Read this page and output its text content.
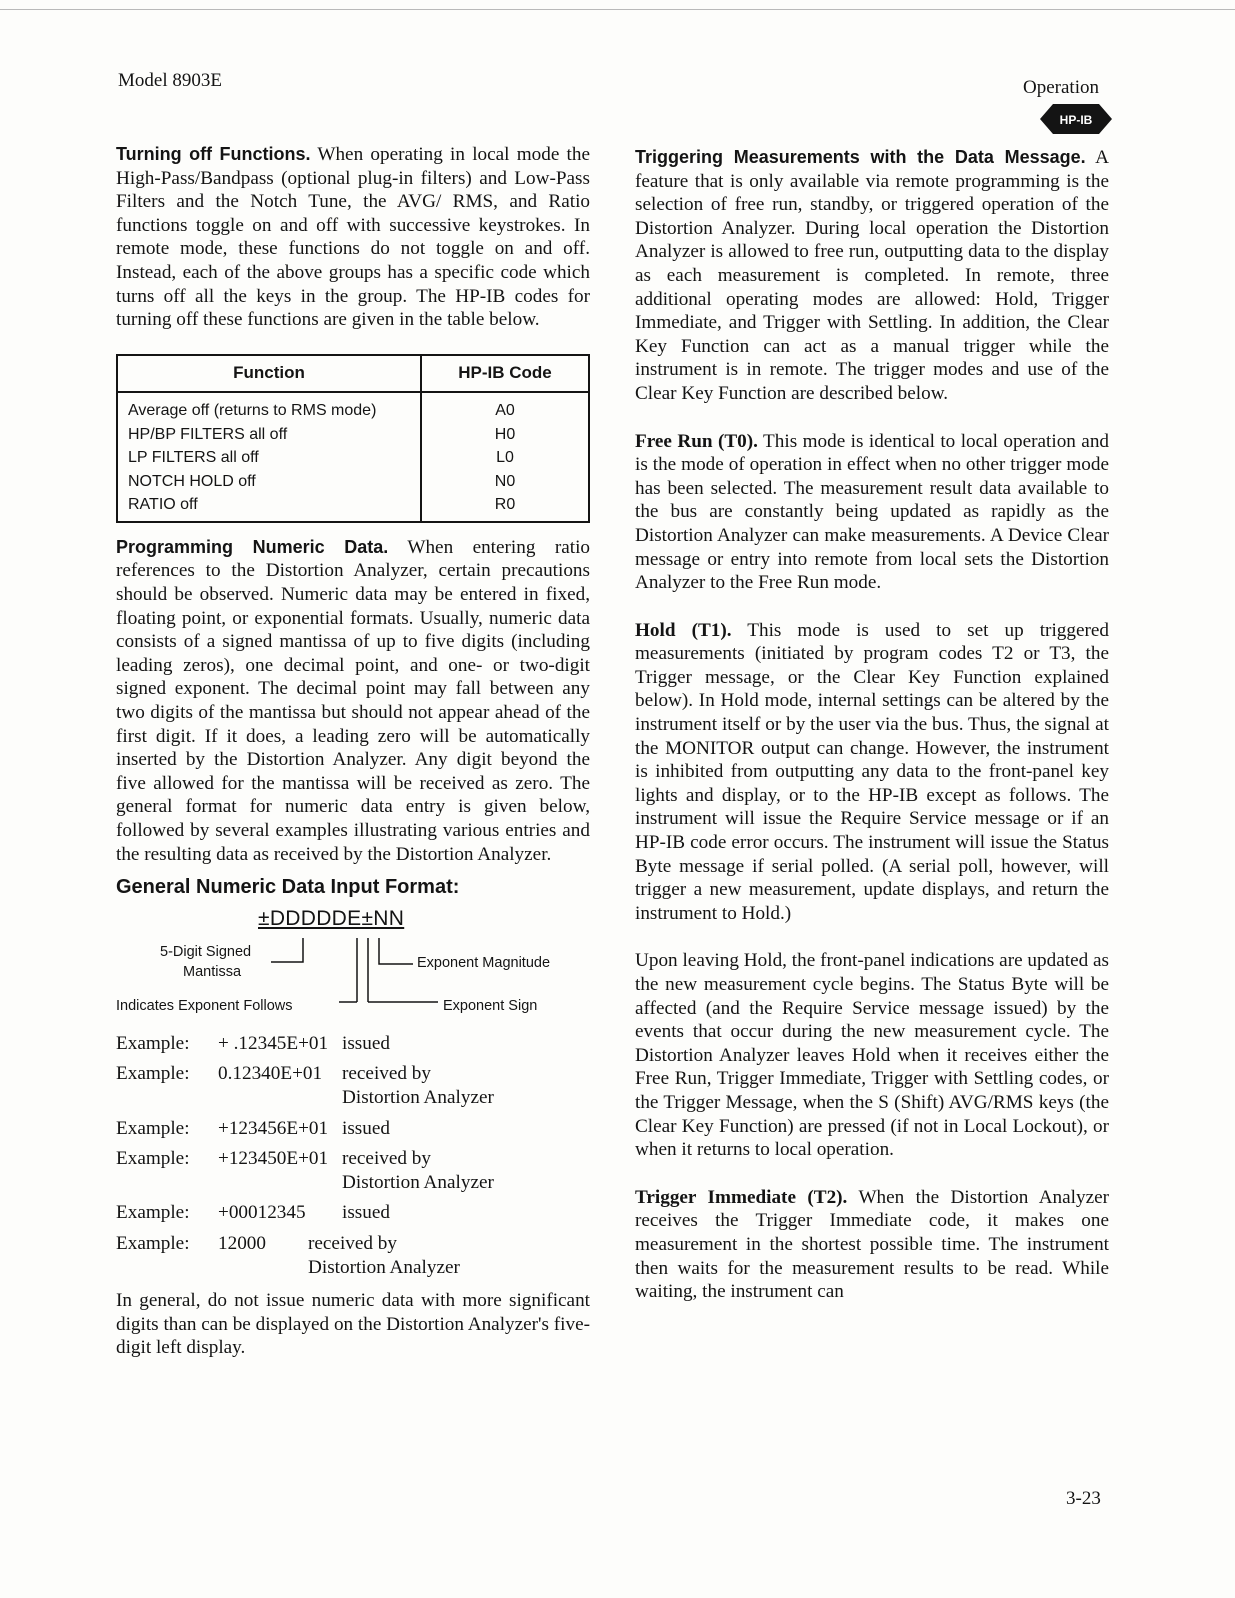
Model 8903E	Operation
HP-IB

Turning off Functions. When operating in local mode the High-Pass/Bandpass (optional plug-in filters) and Low-Pass Filters and the Notch Tune, the AVG/ RMS, and Ratio functions toggle on and off with successive keystrokes. In remote mode, these functions do not toggle on and off. Instead, each of the above groups has a specific code which turns off all the keys in the group. The HP-IB codes for turning off these functions are given in the table below.

Function	HP-IB Code
Average off (returns to RMS mode)	A0
HP/BP FILTERS all off	H0
LP FILTERS all off	L0
NOTCH HOLD off	N0
RATIO off	R0

Programming Numeric Data. When entering ratio references to the Distortion Analyzer, certain precautions should be observed. Numeric data may be entered in fixed, floating point, or exponential formats. Usually, numeric data consists of a signed mantissa of up to five digits (including leading zeros), one decimal point, and one- or two-digit signed exponent. The decimal point may fall between any two digits of the mantissa but should not appear ahead of the first digit. If it does, a leading zero will be automatically inserted by the Distortion Analyzer. Any digit beyond the five allowed for the mantissa will be received as zero. The general format for numeric data entry is given below, followed by several examples illustrating various entries and the resulting data as received by the Distortion Analyzer.

General Numeric Data Input Format:
±DDDDDE±NN
5-Digit Signed
Mantissa
Indicates Exponent Follows
Exponent Magnitude
Exponent Sign
Example:	+ .12345E+01 issued
Example:	0.12340E+01	received by
Distortion Analyzer
Example:	+123456E+01 issued
Example:	+123450E+01 received by
Distortion Analyzer
Example:	+00012345	issued
Example:	12000	received by
Distortion Analyzer

In general, do not issue numeric data with more significant digits than can be displayed on the Distortion Analyzer's five-digit left display.

Triggering Measurements with the Data Message. A feature that is only available via remote programming is the selection of free run, standby, or triggered operation of the Distortion Analyzer. During local operation the Distortion Analyzer is allowed to free run, outputting data to the display as each measurement is completed. In remote, three additional operating modes are allowed: Hold, Trigger Immediate, and Trigger with Settling. In addition, the Clear Key Function can act as a manual trigger while the instrument is in remote. The trigger modes and use of the Clear Key Function are described below.

Free Run (T0). This mode is identical to local operation and is the mode of operation in effect when no other trigger mode has been selected. The measurement result data available to the bus are constantly being updated as rapidly as the Distortion Analyzer can make measurements. A Device Clear message or entry into remote from local sets the Distortion Analyzer to the Free Run mode.

Hold (T1). This mode is used to set up triggered measurements (initiated by program codes T2 or T3, the Trigger message, or the Clear Key Function explained below). In Hold mode, internal settings can be altered by the instrument itself or by the user via the bus. Thus, the signal at the MONITOR output can change. However, the instrument is inhibited from outputting any data to the front-panel key lights and display, or to the HP-IB except as follows. The instrument will issue the Require Service message or if an HP-IB code error occurs. The instrument will issue the Status Byte message if serial polled. (A serial poll, however, will trigger a new measurement, update displays, and return the instrument to Hold.)

Upon leaving Hold, the front-panel indications are updated as the new measurement cycle begins. The Status Byte will be affected (and the Require Service message issued) by the events that occur during the new measurement cycle. The Distortion Analyzer leaves Hold when it receives either the Free Run, Trigger Immediate, Trigger with Settling codes, or the Trigger Message, when the S (Shift) AVG/RMS keys (the Clear Key Function) are pressed (if not in Local Lockout), or when it returns to local operation.

Trigger Immediate (T2). When the Distortion Analyzer receives the Trigger Immediate code, it makes one measurement in the shortest possible time. The instrument then waits for the measurement results to be read. While waiting, the instrument can

3-23
